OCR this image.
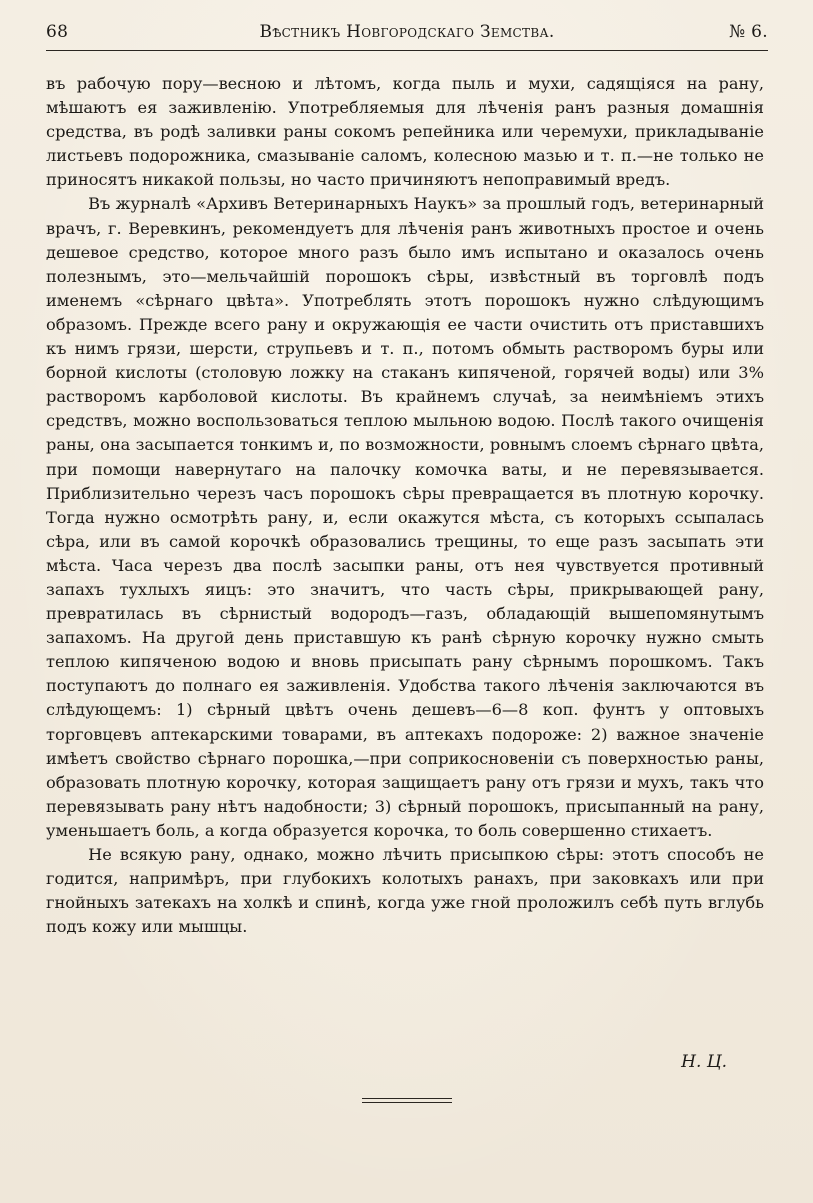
68	Вѣстникъ Новгородскаго Земства.	№ 6.

въ рабочую пору—весною и лѣтомъ, когда пыль и мухи, садящіяся на рану, мѣшаютъ ея заживленію. Употребляемыя для лѣченія ранъ разныя домашнія средства, въ родѣ заливки раны сокомъ репейника или черемухи, прикладываніе листьевъ подорожника, смазываніе саломъ, колесною мазью и т. п.—не только не приносятъ никакой пользы, но часто причиняютъ непоправимый вредъ.

Въ журналѣ «Архивъ Ветеринарныхъ Наукъ» за прошлый годъ, ветеринарный врачъ, г. Веревкинъ, рекомендуетъ для лѣченія ранъ животныхъ простое и очень дешевое средство, которое много разъ было имъ испытано и оказалось очень полезнымъ, это—мельчайшій порошокъ сѣры, извѣстный въ торговлѣ подъ именемъ «сѣрнаго цвѣта». Употреблять этотъ порошокъ нужно слѣдующимъ образомъ. Прежде всего рану и окружающія ее части очистить отъ приставшихъ къ нимъ грязи, шерсти, струпьевъ и т. п., потомъ обмыть растворомъ буры или борной кислоты (столовую ложку на стаканъ кипяченой, горячей воды) или 3% растворомъ карболовой кислоты. Въ крайнемъ случаѣ, за неимѣніемъ этихъ средствъ, можно воспользоваться теплою мыльною водою. Послѣ такого очищенія раны, она засыпается тонкимъ и, по возможности, ровнымъ слоемъ сѣрнаго цвѣта, при помощи навернутаго на палочку комочка ваты, и не перевязывается. Приблизительно черезъ часъ порошокъ сѣры превращается въ плотную корочку. Тогда нужно осмотрѣть рану, и, если окажутся мѣста, съ которыхъ ссыпалась сѣра, или въ самой корочкѣ образовались трещины, то еще разъ засыпать эти мѣста. Часа черезъ два послѣ засыпки раны, отъ нея чувствуется противный запахъ тухлыхъ яицъ: это значитъ, что часть сѣры, прикрывающей рану, превратилась въ сѣрнистый водородъ—газъ, обладающій вышепомянутымъ запахомъ. На другой день приставшую къ ранѣ сѣрную корочку нужно смыть теплою кипяченою водою и вновь присыпать рану сѣрнымъ порошкомъ. Такъ поступаютъ до полнаго ея заживленія. Удобства такого лѣченія заключаются въ слѣдующемъ: 1) сѣрный цвѣтъ очень дешевъ—6—8 коп. фунтъ у оптовыхъ торговцевъ аптекарскими товарами, въ аптекахъ подороже: 2) важное значеніе имѣетъ свойство сѣрнаго порошка,—при соприкосновеніи съ поверхностью раны, образовать плотную корочку, которая защищаетъ рану отъ грязи и мухъ, такъ что перевязывать рану нѣтъ надобности; 3) сѣрный порошокъ, присыпанный на рану, уменьшаетъ боль, а когда образуется корочка, то боль совершенно стихаетъ.

Не всякую рану, однако, можно лѣчить присыпкою сѣры: этотъ способъ не годится, напримѣръ, при глубокихъ колотыхъ ранахъ, при заковкахъ или при гнойныхъ затекахъ на холкѣ и спинѣ, когда уже гной проложилъ себѣ путь вглубь подъ кожу или мышцы.

Н. Ц.
